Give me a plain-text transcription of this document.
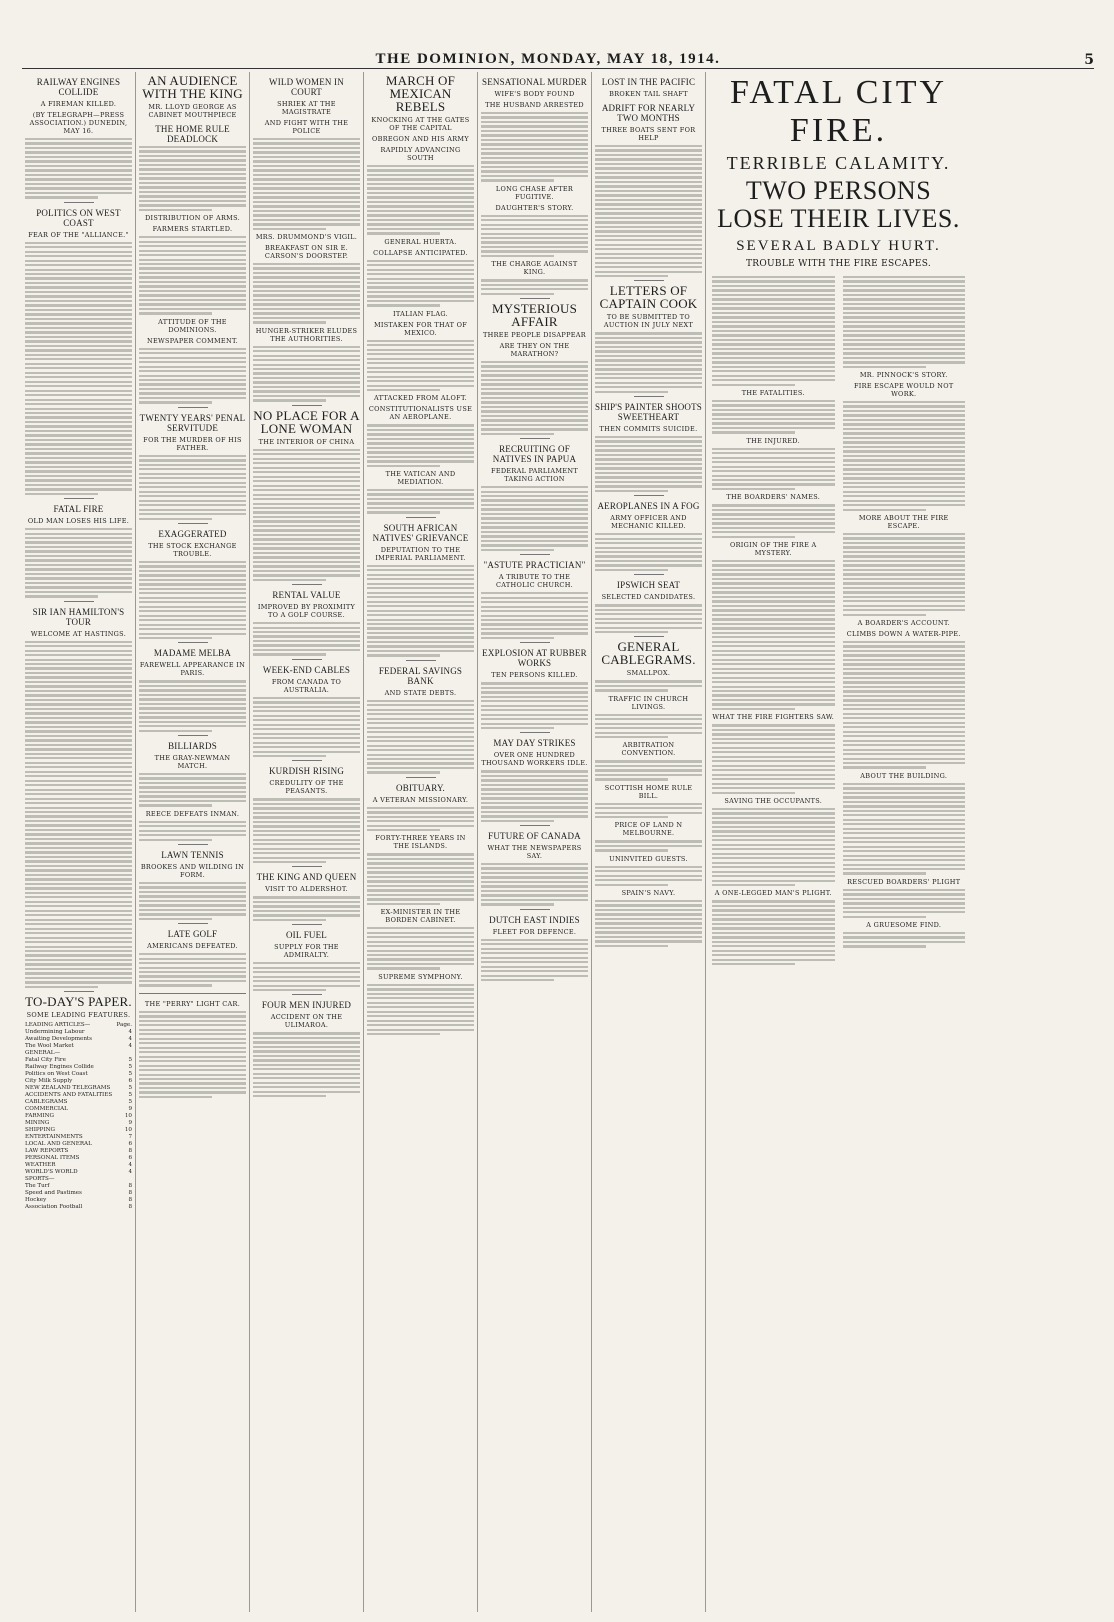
THE DOMINION, MONDAY, MAY 18, 1914.	5
RAILWAY ENGINES COLLIDE
A FIREMAN KILLED.
(BY TELEGRAPH—PRESS ASSOCIATION.) DUNEDIN, MAY 16.
POLITICS ON WEST COAST
FEAR OF THE "ALLIANCE."
FATAL FIRE
OLD MAN LOSES HIS LIFE.
SIR IAN HAMILTON'S TOUR
WELCOME AT HASTINGS.
TO-DAY'S PAPER.
SOME LEADING FEATURES.
LEADING ARTICLES—	Page.
Undermining Labour	4
Awaiting Developments	4
The Wool Market	4
GENERAL—
Fatal City Fire	5
Railway Engines Collide	5
Politics on West Coast	5
City Milk Supply	6
NEW ZEALAND TELEGRAMS	5
ACCIDENTS AND FATALITIES	5
CABLEGRAMS	5
COMMERCIAL	9
FARMING	10
MINING	9
SHIPPING	10
ENTERTAINMENTS	7
LOCAL AND GENERAL	6
LAW REPORTS	8
PERSONAL ITEMS	6
WEATHER	4
WORLD'S WORLD	4
SPORTS—
The Turf	8
Speed and Pastimes	8
Hockey	8
Association Football	8
AN AUDIENCE WITH THE KING
MR. LLOYD GEORGE AS CABINET MOUTHPIECE
THE HOME RULE DEADLOCK
DISTRIBUTION OF ARMS.
FARMERS STARTLED.
ATTITUDE OF THE DOMINIONS.
NEWSPAPER COMMENT.
TWENTY YEARS' PENAL SERVITUDE
FOR THE MURDER OF HIS FATHER.
EXAGGERATED
THE STOCK EXCHANGE TROUBLE.
MADAME MELBA
FAREWELL APPEARANCE IN PARIS.
BILLIARDS
THE GRAY-NEWMAN MATCH.
REECE DEFEATS INMAN.
LAWN TENNIS
BROOKES AND WILDING IN FORM.
LATE GOLF
AMERICANS DEFEATED.
THE "PERRY" LIGHT CAR.
WILD WOMEN IN COURT
SHRIEK AT THE MAGISTRATE
AND FIGHT WITH THE POLICE
MRS. DRUMMOND'S VIGIL.
BREAKFAST ON SIR E. CARSON'S DOORSTEP.
HUNGER-STRIKER ELUDES THE AUTHORITIES.
NO PLACE FOR A LONE WOMAN
THE INTERIOR OF CHINA
RENTAL VALUE
IMPROVED BY PROXIMITY TO A GOLF COURSE.
WEEK-END CABLES
FROM CANADA TO AUSTRALIA.
KURDISH RISING
CREDULITY OF THE PEASANTS.
THE KING AND QUEEN
VISIT TO ALDERSHOT.
OIL FUEL
SUPPLY FOR THE ADMIRALTY.
FOUR MEN INJURED
ACCIDENT ON THE ULIMAROA.
MARCH OF MEXICAN REBELS
KNOCKING AT THE GATES OF THE CAPITAL
OBREGON AND HIS ARMY
RAPIDLY ADVANCING SOUTH
GENERAL HUERTA.
COLLAPSE ANTICIPATED.
ITALIAN FLAG.
MISTAKEN FOR THAT OF MEXICO.
ATTACKED FROM ALOFT.
CONSTITUTIONALISTS USE AN AEROPLANE.
THE VATICAN AND MEDIATION.
SOUTH AFRICAN NATIVES' GRIEVANCE
DEPUTATION TO THE IMPERIAL PARLIAMENT.
FEDERAL SAVINGS BANK
AND STATE DEBTS.
OBITUARY.
A VETERAN MISSIONARY.
FORTY-THREE YEARS IN THE ISLANDS.
EX-MINISTER IN THE BORDEN CABINET.
SUPREME SYMPHONY.
SENSATIONAL MURDER
WIFE'S BODY FOUND
THE HUSBAND ARRESTED
LONG CHASE AFTER FUGITIVE.
DAUGHTER'S STORY.
THE CHARGE AGAINST KING.
MYSTERIOUS AFFAIR
THREE PEOPLE DISAPPEAR
ARE THEY ON THE MARATHON?
RECRUITING OF NATIVES IN PAPUA
FEDERAL PARLIAMENT TAKING ACTION
"ASTUTE PRACTICIAN"
A TRIBUTE TO THE CATHOLIC CHURCH.
EXPLOSION AT RUBBER WORKS
TEN PERSONS KILLED.
MAY DAY STRIKES
OVER ONE HUNDRED THOUSAND WORKERS IDLE.
FUTURE OF CANADA
WHAT THE NEWSPAPERS SAY.
DUTCH EAST INDIES
FLEET FOR DEFENCE.
LOST IN THE PACIFIC
BROKEN TAIL SHAFT
ADRIFT FOR NEARLY TWO MONTHS
THREE BOATS SENT FOR HELP
LETTERS OF CAPTAIN COOK
TO BE SUBMITTED TO AUCTION IN JULY NEXT
SHIP'S PAINTER SHOOTS SWEETHEART
THEN COMMITS SUICIDE.
AEROPLANES IN A FOG
ARMY OFFICER AND MECHANIC KILLED.
IPSWICH SEAT
SELECTED CANDIDATES.
GENERAL CABLEGRAMS.
SMALLPOX.
TRAFFIC IN CHURCH LIVINGS.
ARBITRATION CONVENTION.
SCOTTISH HOME RULE BILL.
PRICE OF LAND N MELBOURNE.
UNINVITED GUESTS.
SPAIN'S NAVY.
FATAL CITY FIRE.
TERRIBLE CALAMITY.
TWO PERSONS LOSE THEIR LIVES.
SEVERAL BADLY HURT.
TROUBLE WITH THE FIRE ESCAPES.
THE FATALITIES.
THE INJURED.
THE BOARDERS' NAMES.
ORIGIN OF THE FIRE A MYSTERY.
WHAT THE FIRE FIGHTERS SAW.
SAVING THE OCCUPANTS.
A ONE-LEGGED MAN'S PLIGHT.
MR. PINNOCK'S STORY.
FIRE ESCAPE WOULD NOT WORK.
MORE ABOUT THE FIRE ESCAPE.
A BOARDER'S ACCOUNT.
CLIMBS DOWN A WATER-PIPE.
ABOUT THE BUILDING.
RESCUED BOARDERS' PLIGHT
A GRUESOME FIND.
